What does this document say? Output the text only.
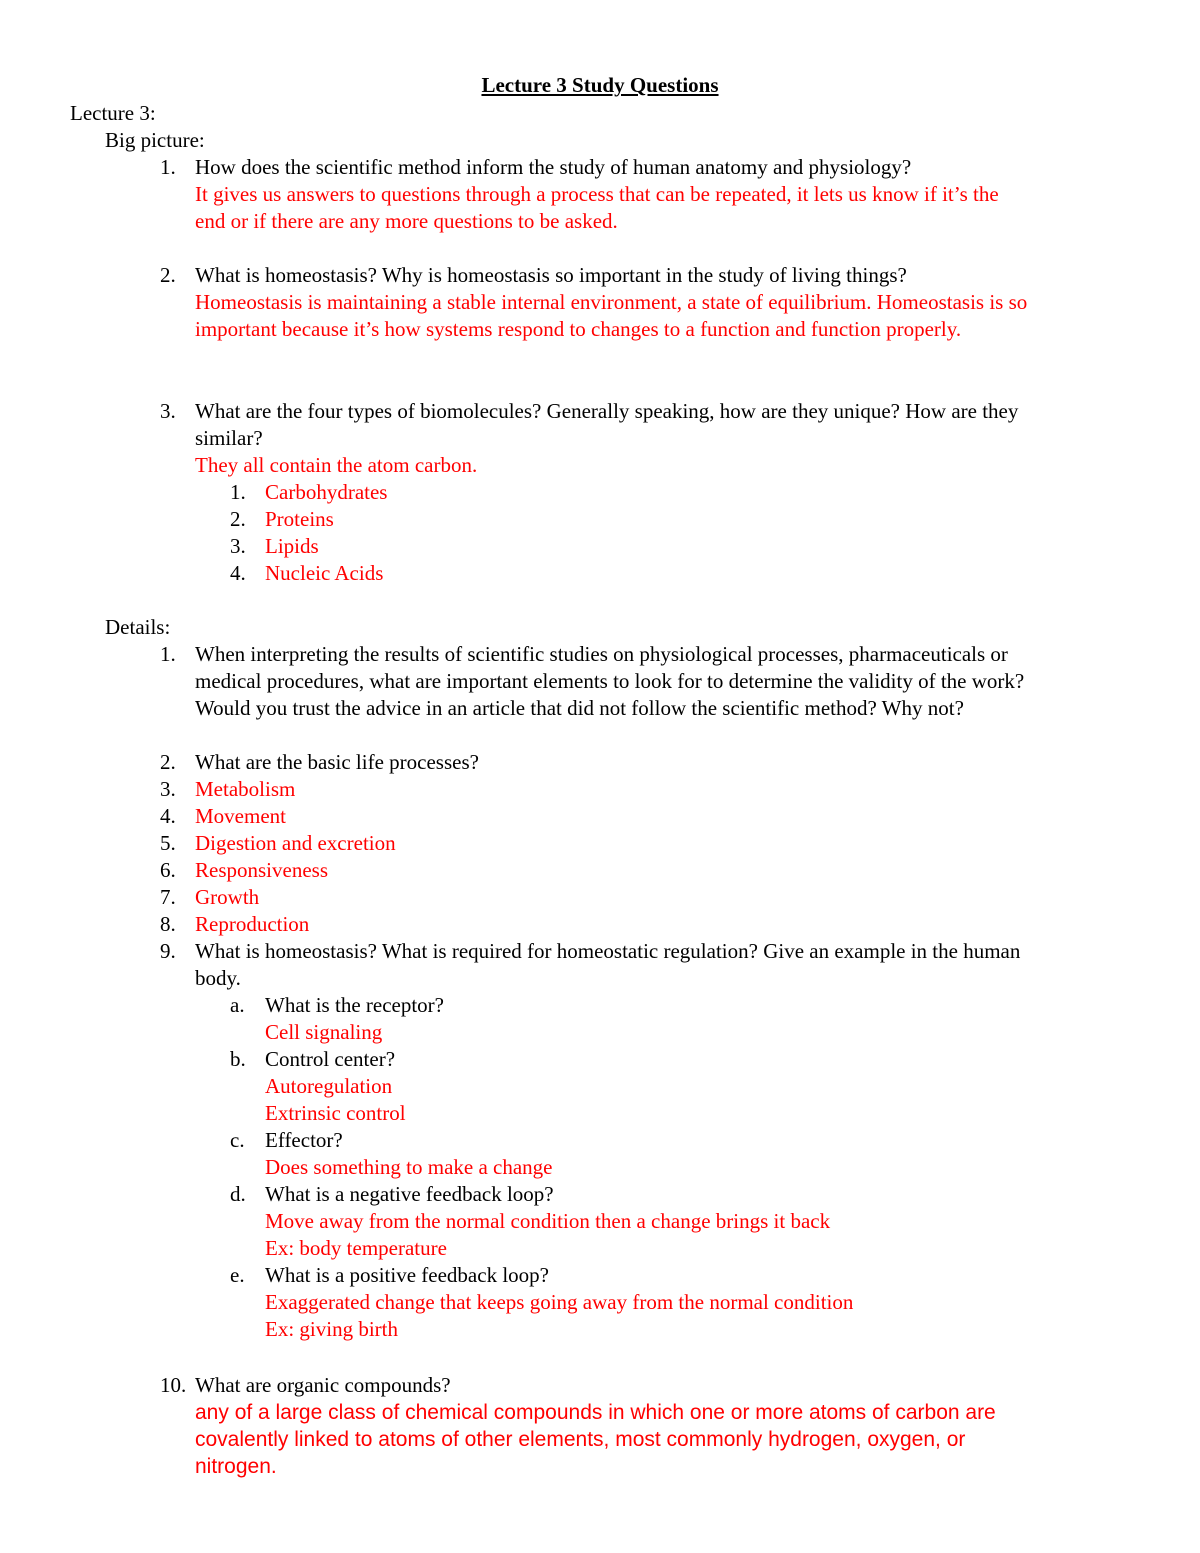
Lecture 3 Study Questions
Lecture 3:
Big picture:
1. How does the scientific method inform the study of human anatomy and physiology?
It gives us answers to questions through a process that can be repeated, it lets us know if it’s the
end or if there are any more questions to be asked.
2. What is homeostasis? Why is homeostasis so important in the study of living things?
Homeostasis is maintaining a stable internal environment, a state of equilibrium. Homeostasis is so
important because it’s how systems respond to changes to a function and function properly.
3. What are the four types of biomolecules? Generally speaking, how are they unique? How are they
similar?
They all contain the atom carbon.
1. Carbohydrates
2. Proteins
3. Lipids
4. Nucleic Acids
Details:
1. When interpreting the results of scientific studies on physiological processes, pharmaceuticals or
medical procedures, what are important elements to look for to determine the validity of the work?
Would you trust the advice in an article that did not follow the scientific method? Why not?
2. What are the basic life processes?
3. Metabolism
4. Movement
5. Digestion and excretion
6. Responsiveness
7. Growth
8. Reproduction
9. What is homeostasis? What is required for homeostatic regulation? Give an example in the human
body.
a. What is the receptor?
Cell signaling
b. Control center?
Autoregulation
Extrinsic control
c. Effector?
Does something to make a change
d. What is a negative feedback loop?
Move away from the normal condition then a change brings it back
Ex: body temperature
e. What is a positive feedback loop?
Exaggerated change that keeps going away from the normal condition
Ex: giving birth
10. What are organic compounds?
any of a large class of chemical compounds in which one or more atoms of carbon are
covalently linked to atoms of other elements, most commonly hydrogen, oxygen, or
nitrogen.
